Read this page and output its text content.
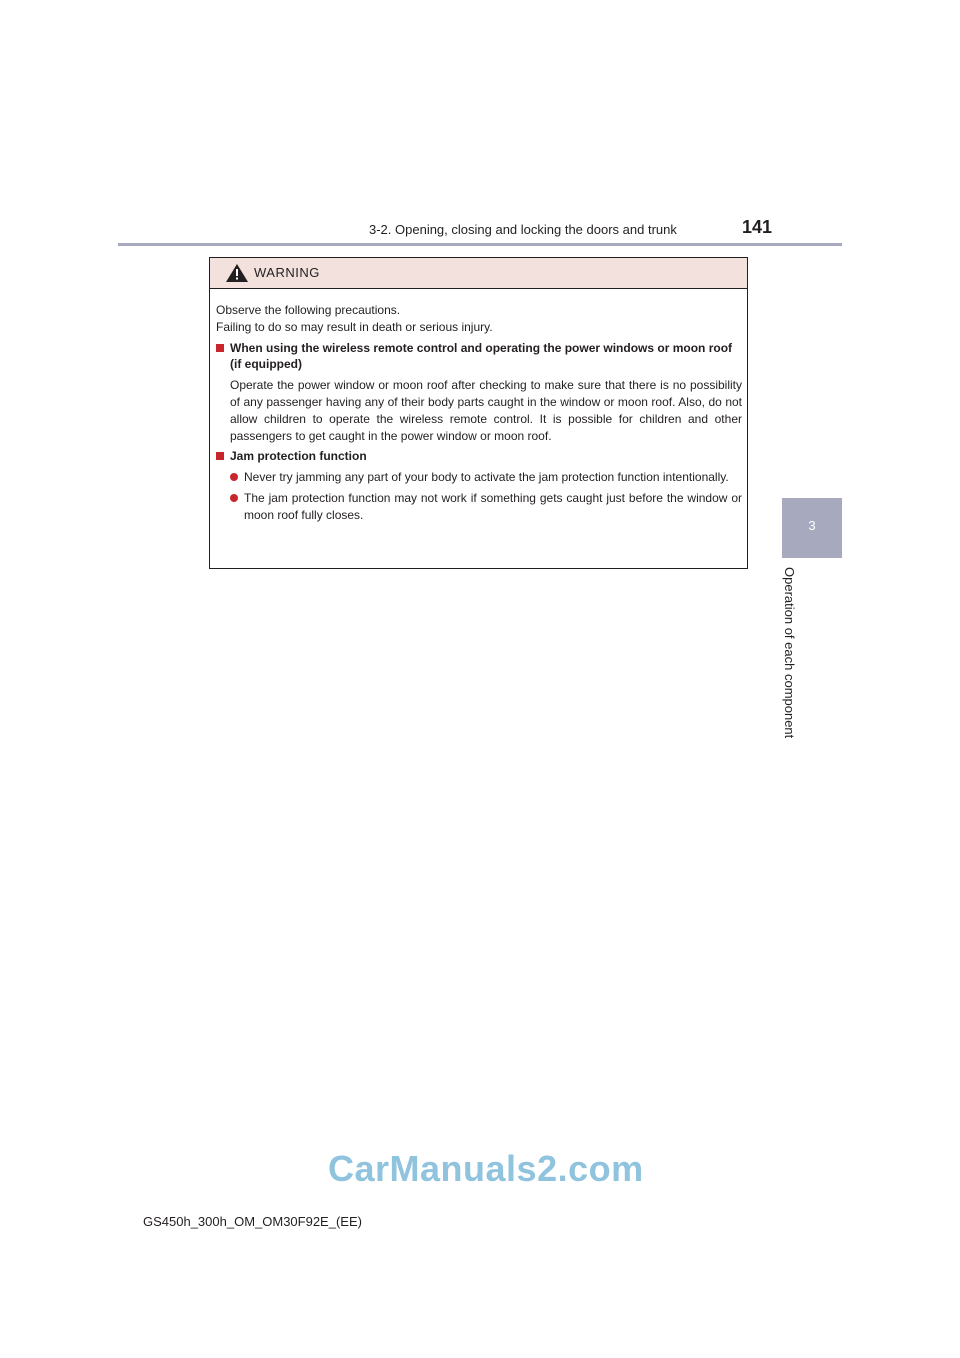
3-2. Opening, closing and locking the doors and trunk	141
3
Operation of each component
WARNING

Observe the following precautions.

Failing to do so may result in death or serious injury.

When using the wireless remote control and operating the power windows or moon roof (if equipped)
Operate the power window or moon roof after checking to make sure that there is no possibility of any passenger having any of their body parts caught in the window or moon roof. Also, do not allow children to operate the wireless remote control. It is possible for children and other passengers to get caught in the power window or moon roof.
Jam protection function
Never try jamming any part of your body to activate the jam protection function intentionally.
The jam protection function may not work if something gets caught just before the window or moon roof fully closes.
CarManuals2.com
GS450h_300h_OM_OM30F92E_(EE)
